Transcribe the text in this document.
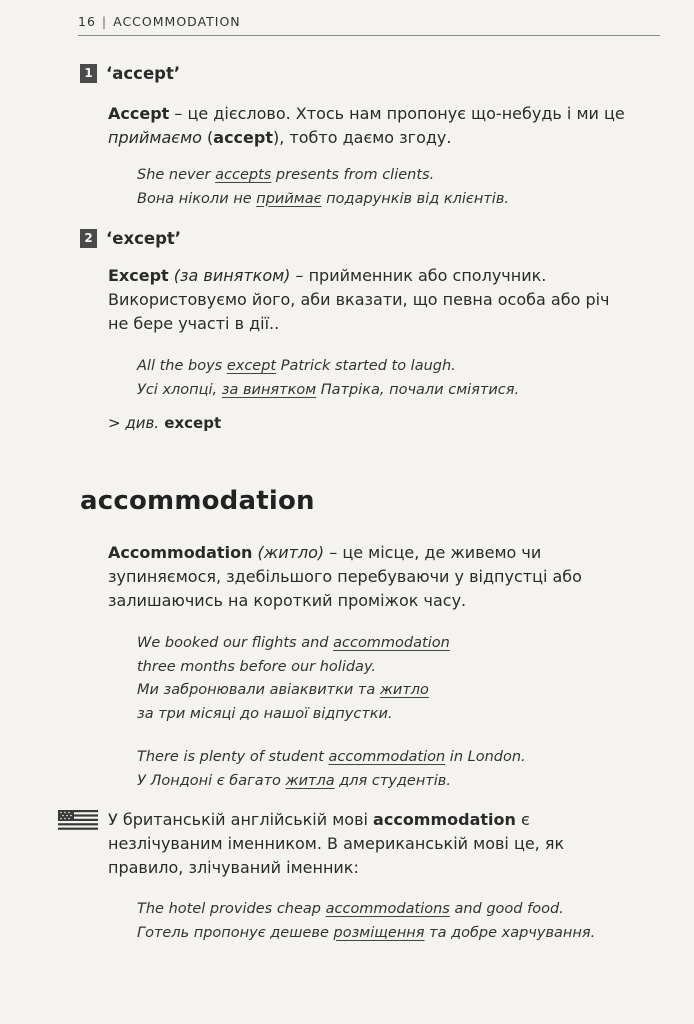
16 | ACCOMMODATION
1 ‘accept’
Accept – це дієслово. Хтось нам пропонує що-небудь і ми це приймаємо (accept), тобто даємо згоду.
She never accepts presents from clients.
Вона ніколи не приймає подарунків від клієнтів.
2 ‘except’
Except (за винятком) – прийменник або сполучник. Використовуємо його, аби вказати, що певна особа або річ не бере участі в дії..
All the boys except Patrick started to laugh.
Усі хлопці, за винятком Патріка, почали сміятися.
> див. except
accommodation
Accommodation (житло) – це місце, де живемо чи зупиняємося, здебільшого перебуваючи у відпустці або залишаючись на короткий проміжок часу.
We booked our flights and accommodation
three months before our holiday.
Ми забронювали авіаквитки та житло
за три місяці до нашої відпустки.
There is plenty of student accommodation in London.
У Лондоні є багато житла для студентів.
У британській англійській мові accommodation є незлічуваним іменником. В американській мові це, як правило, злічуваний іменник:
The hotel provides cheap accommodations and good food.
Готель пропонує дешеве розміщення та добре харчування.
